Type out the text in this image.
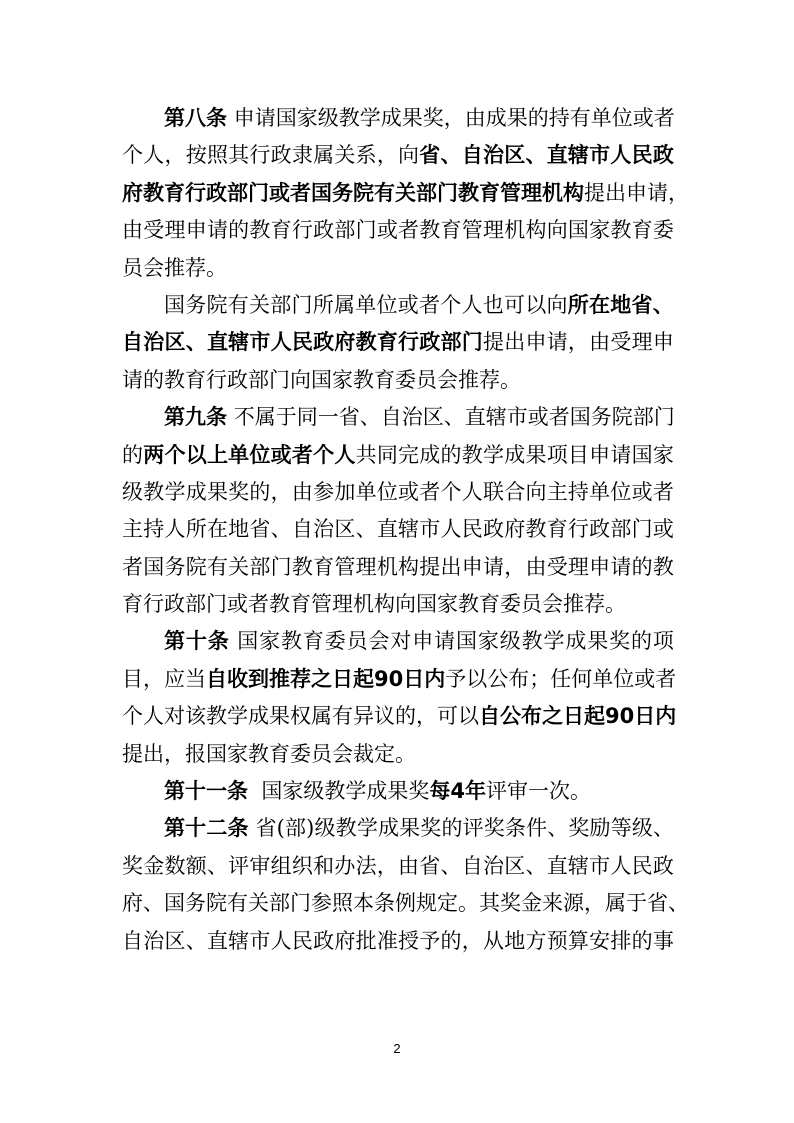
第 八 条
申 请 国 家 级 教 学 成 果 奖 ， 由 成 果 的 持 有 单 位 或 者
个 人 ， 按 照 其 行 政 隶 属 关 系 ， 向 省 、 自 治 区 、 直 辖 市 人 民 政
府 教 育 行 政 部 门 或 者 国 务 院 有 关 部 门 教 育 管 理 机 构 提 出 申 请 ，
由 受 理 申 请 的 教 育 行 政 部 门 或 者 教 育 管 理 机 构 向 国 家 教 育 委
员会推荐。
国 务 院 有 关 部 门 所 属 单 位 或 者 个 人 也 可 以 向 所 在 地 省 、
自 治 区 、 直 辖 市 人 民 政 府 教 育 行 政 部 门 提 出 申 请 ， 由 受 理 申
请的教育行政部门向国家教育委员会推荐。
第 九 条
不 属 于 同 一 省 、 自 治 区 、 直 辖 市 或 者 国 务 院 部 门
的 两 个 以 上 单 位 或 者 个 人 共 同 完 成 的 教 学 成 果 项 目 申 请 国 家
级 教 学 成 果 奖 的 ， 由 参 加 单 位 或 者 个 人 联 合 向 主 持 单 位 或 者
主 持 人 所 在 地 省 、 自 治 区 、 直 辖 市 人 民 政 府 教 育 行 政 部 门 或
者 国 务 院 有 关 部 门 教 育 管 理 机 构 提 出 申 请 ， 由 受 理 申 请 的 教
育行政部门或者教育管理机构向国家教育委员会推荐。
第 十 条
国 家 教 育 委 员 会 对 申 请 国 家 级 教 学 成 果 奖 的 项
目 ， 应 当 自 收 到 推 荐 之 日 起 90 日 内 予 以 公 布 ； 任 何 单 位 或 者
个 人 对 该 教 学 成 果 权 属 有 异 议 的 ， 可 以 自 公 布 之 日 起 90 日 内
提出，报国家教育委员会裁定。
第十一条 国家级教学成果奖 每4年 评审一次。
第 十 二 条
省 ( 部 ) 级 教 学 成 果 奖 的 评 奖 条 件 、 奖 励 等 级 、
奖 金 数 额 、 评 审 组 织 和 办 法 ， 由 省 、 自 治 区 、 直 辖 市 人 民 政
府 、 国 务 院 有 关 部 门 参 照 本 条 例 规 定 。 其 奖 金 来 源 ， 属 于 省 、
自 治 区 、 直 辖 市 人 民 政 府 批 准 授 予 的 ， 从 地 方 预 算 安 排 的 事
2
